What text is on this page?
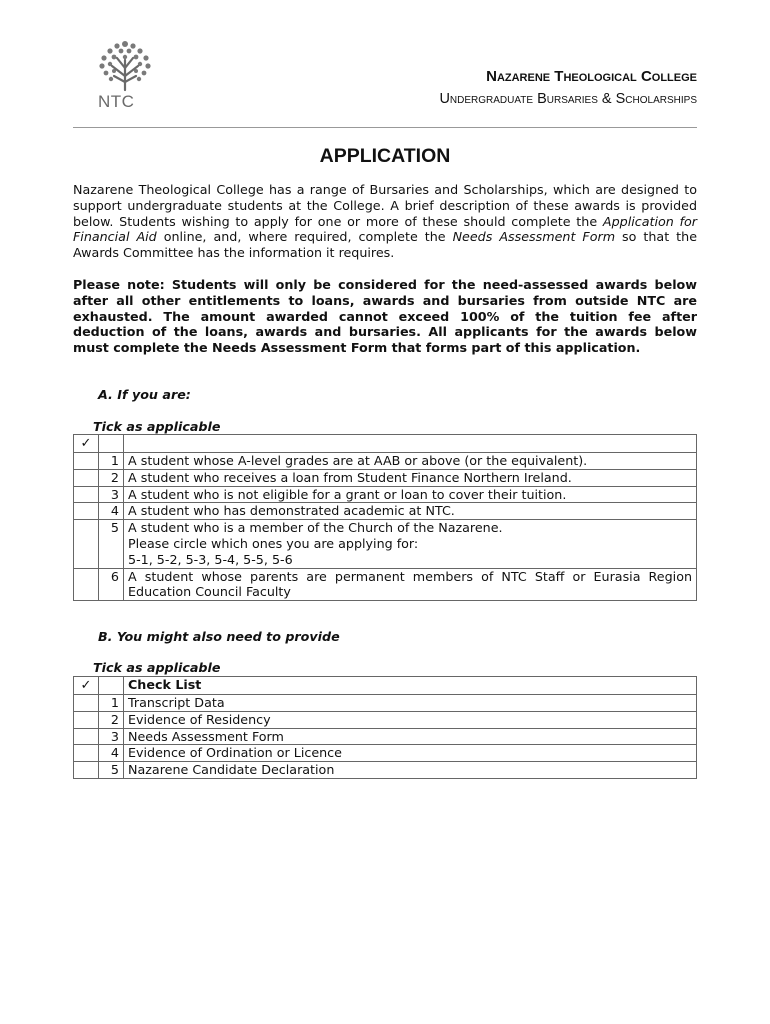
NTC
Nazarene Theological College
Undergraduate Bursaries & Scholarships
APPLICATION
Nazarene Theological College has a range of Bursaries and Scholarships, which are designed to support undergraduate students at the College. A brief description of these awards is provided below. Students wishing to apply for one or more of these should complete the Application for Financial Aid online, and, where required, complete the Needs Assessment Form so that the Awards Committee has the information it requires.
Please note: Students will only be considered for the need-assessed awards below after all other entitlements to loans, awards and bursaries from outside NTC are exhausted. The amount awarded cannot exceed 100% of the tuition fee after deduction of the loans, awards and bursaries. All applicants for the awards below must complete the Needs Assessment Form that forms part of this application.
A. If you are:
Tick as applicable
✓		
	1	A student whose A-level grades are at AAB or above (or the equivalent).
	2	A student who receives a loan from Student Finance Northern Ireland.
	3	A student who is not eligible for a grant or loan to cover their tuition.
	4	A student who has demonstrated academic at NTC.
	5	A student who is a member of the Church of the Nazarene.
Please circle which ones you are applying for:
5-1, 5-2, 5-3, 5-4, 5-5, 5-6

	6	A student whose parents are permanent members of NTC Staff or Eurasia Region Education Council Faculty
B. You might also need to provide
Tick as applicable
✓		Check List
	1	Transcript Data
	2	Evidence of Residency
	3	Needs Assessment Form
	4	Evidence of Ordination or Licence
	5	Nazarene Candidate Declaration
